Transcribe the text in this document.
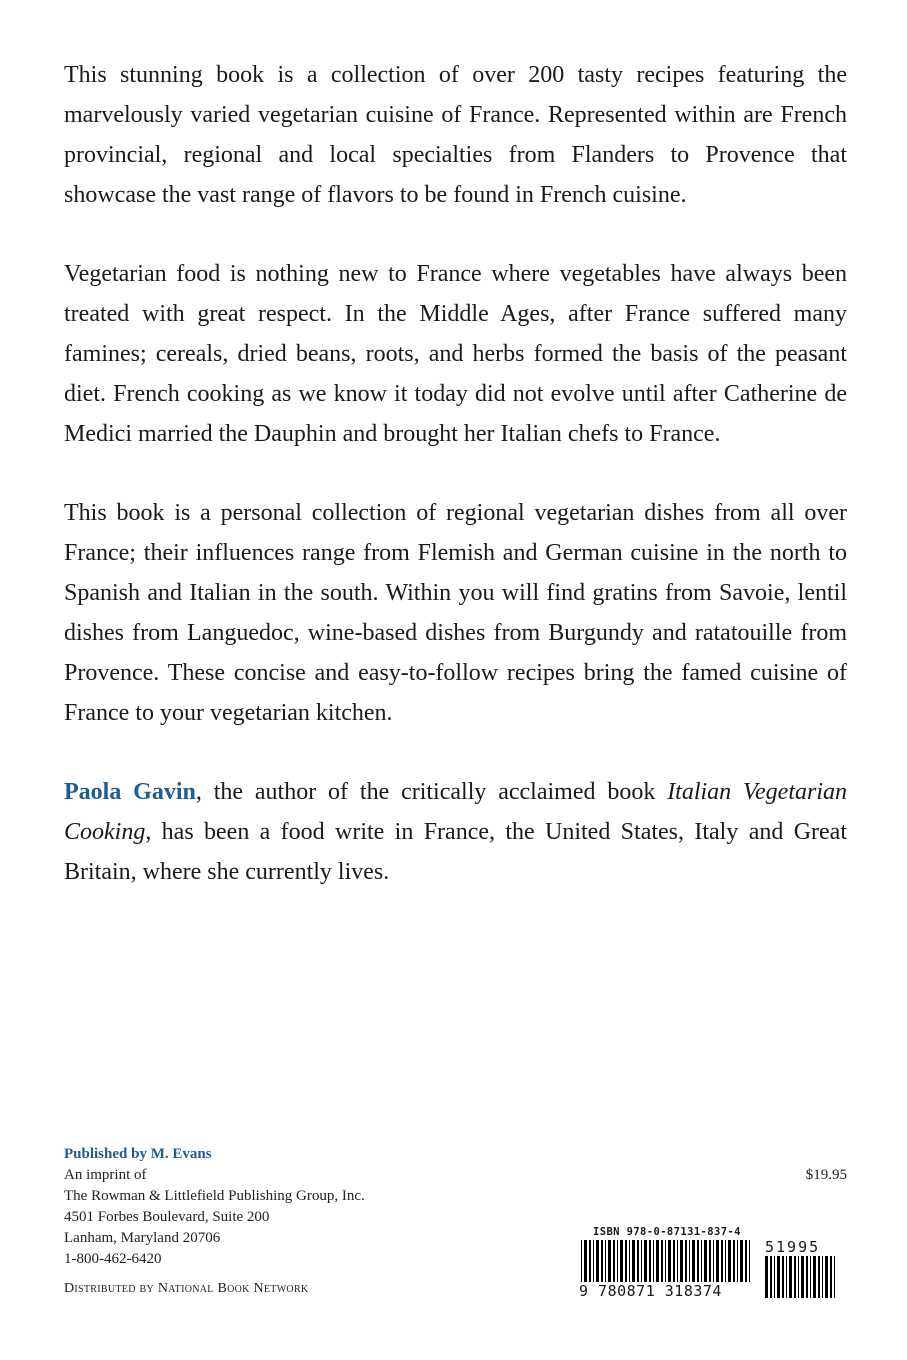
This stunning book is a collection of over 200 tasty recipes featuring the marvelously varied vegetarian cuisine of France. Represented within are French provincial, regional and local specialties from Flanders to Provence that showcase the vast range of flavors to be found in French cuisine.

Vegetarian food is nothing new to France where vegetables have always been treated with great respect. In the Middle Ages, after France suffered many famines; cereals, dried beans, roots, and herbs formed the basis of the peasant diet. French cooking as we know it today did not evolve until after Catherine de Medici married the Dauphin and brought her Italian chefs to France.

This book is a personal collection of regional vegetarian dishes from all over France; their influences range from Flemish and German cuisine in the north to Spanish and Italian in the south. Within you will find gratins from Savoie, lentil dishes from Languedoc, wine-based dishes from Burgundy and ratatouille from Provence. These concise and easy-to-follow recipes bring the famed cuisine of France to your vegetarian kitchen.

Paola Gavin, the author of the critically acclaimed book Italian Vegetarian Cooking, has been a food write in France, the United States, Italy and Great Britain, where she currently lives.

Published by M. Evans
An imprint of
The Rowman & Littlefield Publishing Group, Inc.
4501 Forbes Boulevard, Suite 200
Lanham, Maryland 20706
1-800-462-6420
Distributed by National Book Network
$19.95
ISBN 978-0-87131-837-4
51995
9 780871 318374
